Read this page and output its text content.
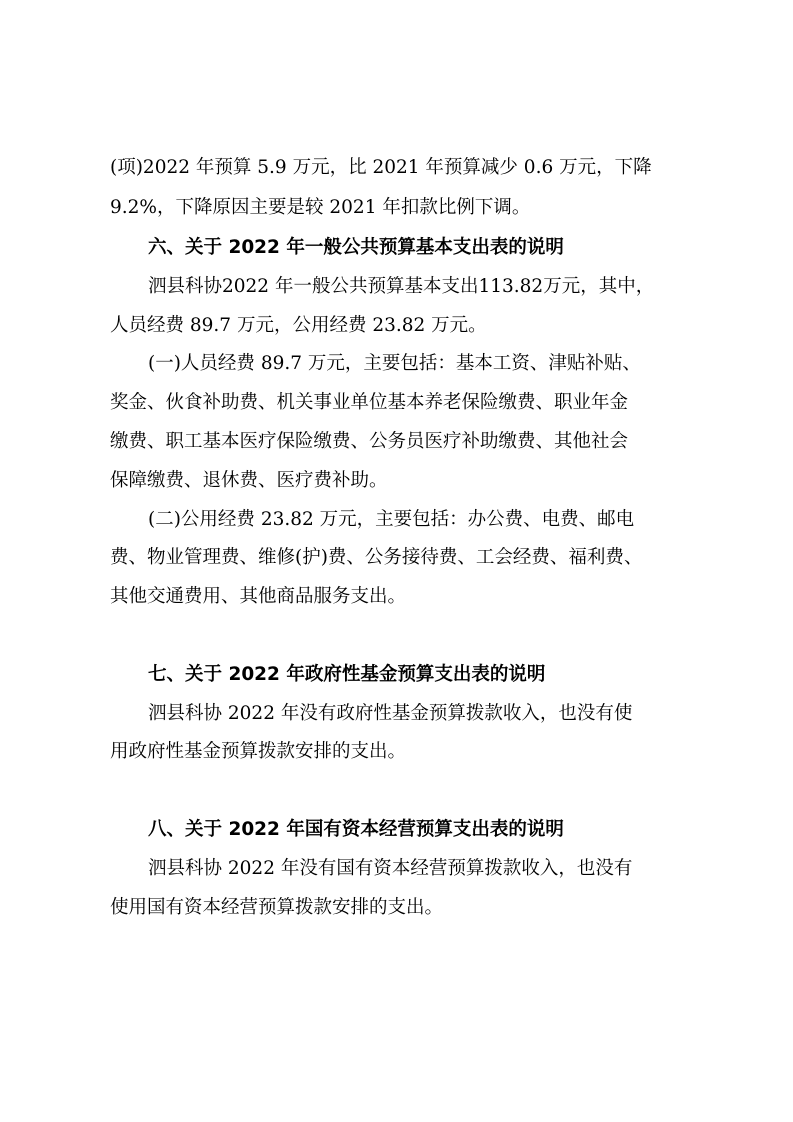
(项)2022 年预算 5.9 万元，比 2021 年预算减少 0.6 万元，下降
9.2%，下降原因主要是较 2021 年扣款比例下调。
六、关于 2022 年一般公共预算基本支出表的说明
泗县科协2022 年一般公共预算基本支出113.82万元，其中，
人员经费 89.7 万元，公用经费 23.82 万元。
(一)人员经费 89.7 万元，主要包括：基本工资、津贴补贴、
奖金、伙食补助费、机关事业单位基本养老保险缴费、职业年金
缴费、职工基本医疗保险缴费、公务员医疗补助缴费、其他社会
保障缴费、退休费、医疗费补助。
(二)公用经费 23.82 万元，主要包括：办公费、电费、邮电
费、物业管理费、维修(护)费、公务接待费、工会经费、福利费、
其他交通费用、其他商品服务支出。
七、关于 2022 年政府性基金预算支出表的说明
泗县科协 2022 年没有政府性基金预算拨款收入，也没有使
用政府性基金预算拨款安排的支出。
八、关于 2022 年国有资本经营预算支出表的说明
泗县科协 2022 年没有国有资本经营预算拨款收入，也没有
使用国有资本经营预算拨款安排的支出。
